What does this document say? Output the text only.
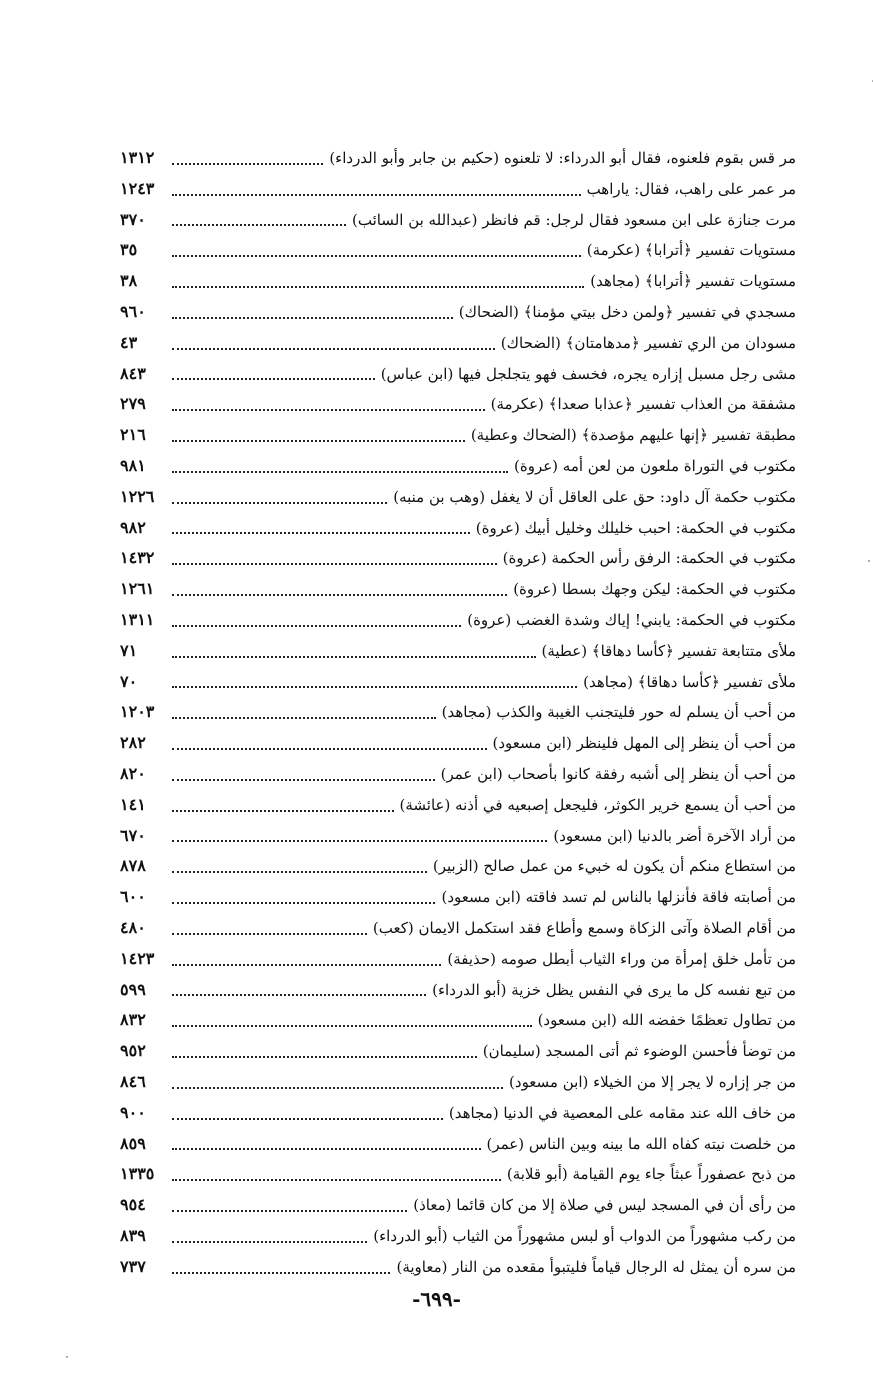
مر قس بقوم فلعنوه، فقال أبو الدرداء: لا تلعنوه (حكيم بن جابر وأبو الدرداء)
١٣١٢
مر عمر على راهب، فقال: ياراهب
١٢٤٣
مرت جنازة على ابن مسعود فقال لرجل: قم فانظر (عبدالله بن السائب)
٣٧٠
مستويات تفسير ﴿أترابا﴾ (عكرمة)
٣٥
مستويات تفسير ﴿أترابا﴾ (مجاهد)
٣٨
مسجدي في تفسير ﴿ولمن دخل بيتي مؤمنا﴾ (الضحاك)
٩٦٠
مسودان من الري تفسير ﴿مدهامتان﴾ (الضحاك)
٤٣
مشى رجل مسبل إزاره يجره، فخسف فهو يتجلجل فيها (ابن عباس)
٨٤٣
مشفقة من العذاب تفسير ﴿عذابا صعدا﴾ (عكرمة)
٢٧٩
مطبقة تفسير ﴿إنها عليهم مؤصدة﴾ (الضحاك وعطية)
٢١٦
مكتوب في التوراة ملعون من لعن أمه (عروة)
٩٨١
مكتوب حكمة آل داود: حق على العاقل أن لا يغفل (وهب بن منبه)
١٢٢٦
مكتوب في الحكمة: احبب خليلك وخليل أبيك (عروة)
٩٨٢
مكتوب في الحكمة: الرفق رأس الحكمة (عروة)
١٤٣٢
مكتوب في الحكمة: ليكن وجهك بسطا (عروة)
١٢٦١
مكتوب في الحكمة: يابني! إياك وشدة الغضب (عروة)
١٣١١
ملأى متتابعة تفسير ﴿كأسا دهاقا﴾ (عطية)
٧١
ملأى تفسير ﴿كأسا دهاقا﴾ (مجاهد)
٧٠
من أحب أن يسلم له حور فليتجنب الغيبة والكذب (مجاهد)
١٢٠٣
من أحب أن ينظر إلى المهل فلينظر (ابن مسعود)
٢٨٢
من أحب أن ينظر إلى أشبه رفقة كانوا بأصحاب (ابن عمر)
٨٢٠
من أحب أن يسمع خرير الكوثر، فليجعل إصبعيه في أذنه (عائشة)
١٤١
من أراد الآخرة أضر بالدنيا (ابن مسعود)
٦٧٠
من استطاع منكم أن يكون له خبيء من عمل صالح (الزبير)
٨٧٨
من أصابته فاقة فأنزلها بالناس لم تسد فاقته (ابن مسعود)
٦٠٠
من أقام الصلاة وآتى الزكاة وسمع وأطاع فقد استكمل الايمان (كعب)
٤٨٠
من تأمل خلق إمرأة من وراء الثياب أبطل صومه (حذيفة)
١٤٢٣
من تبع نفسه كل ما يرى في النفس يظل خزية (أبو الدرداء)
٥٩٩
من تطاول تعظمًا خفضه الله (ابن مسعود)
٨٣٢
من توضأ فأحسن الوضوء ثم أتى المسجد (سليمان)
٩٥٢
من جر إزاره لا يجر إلا من الخيلاء (ابن مسعود)
٨٤٦
من خاف الله عند مقامه على المعصية في الدنيا (مجاهد)
٩٠٠
من خلصت نيته كفاه الله ما بينه وبين الناس (عمر)
٨٥٩
من ذبح عصفوراً عبثاً جاء يوم القيامة (أبو قلابة)
١٣٣٥
من رأى أن في المسجد ليس في صلاة إلا من كان قائما (معاذ)
٩٥٤
من ركب مشهوراً من الدواب أو لبس مشهوراً من الثياب (أبو الدرداء)
٨٣٩
من سره أن يمثل له الرجال قياماً فليتبوأ مقعده من النار (معاوية)
٧٣٧
-٦٩٩-
